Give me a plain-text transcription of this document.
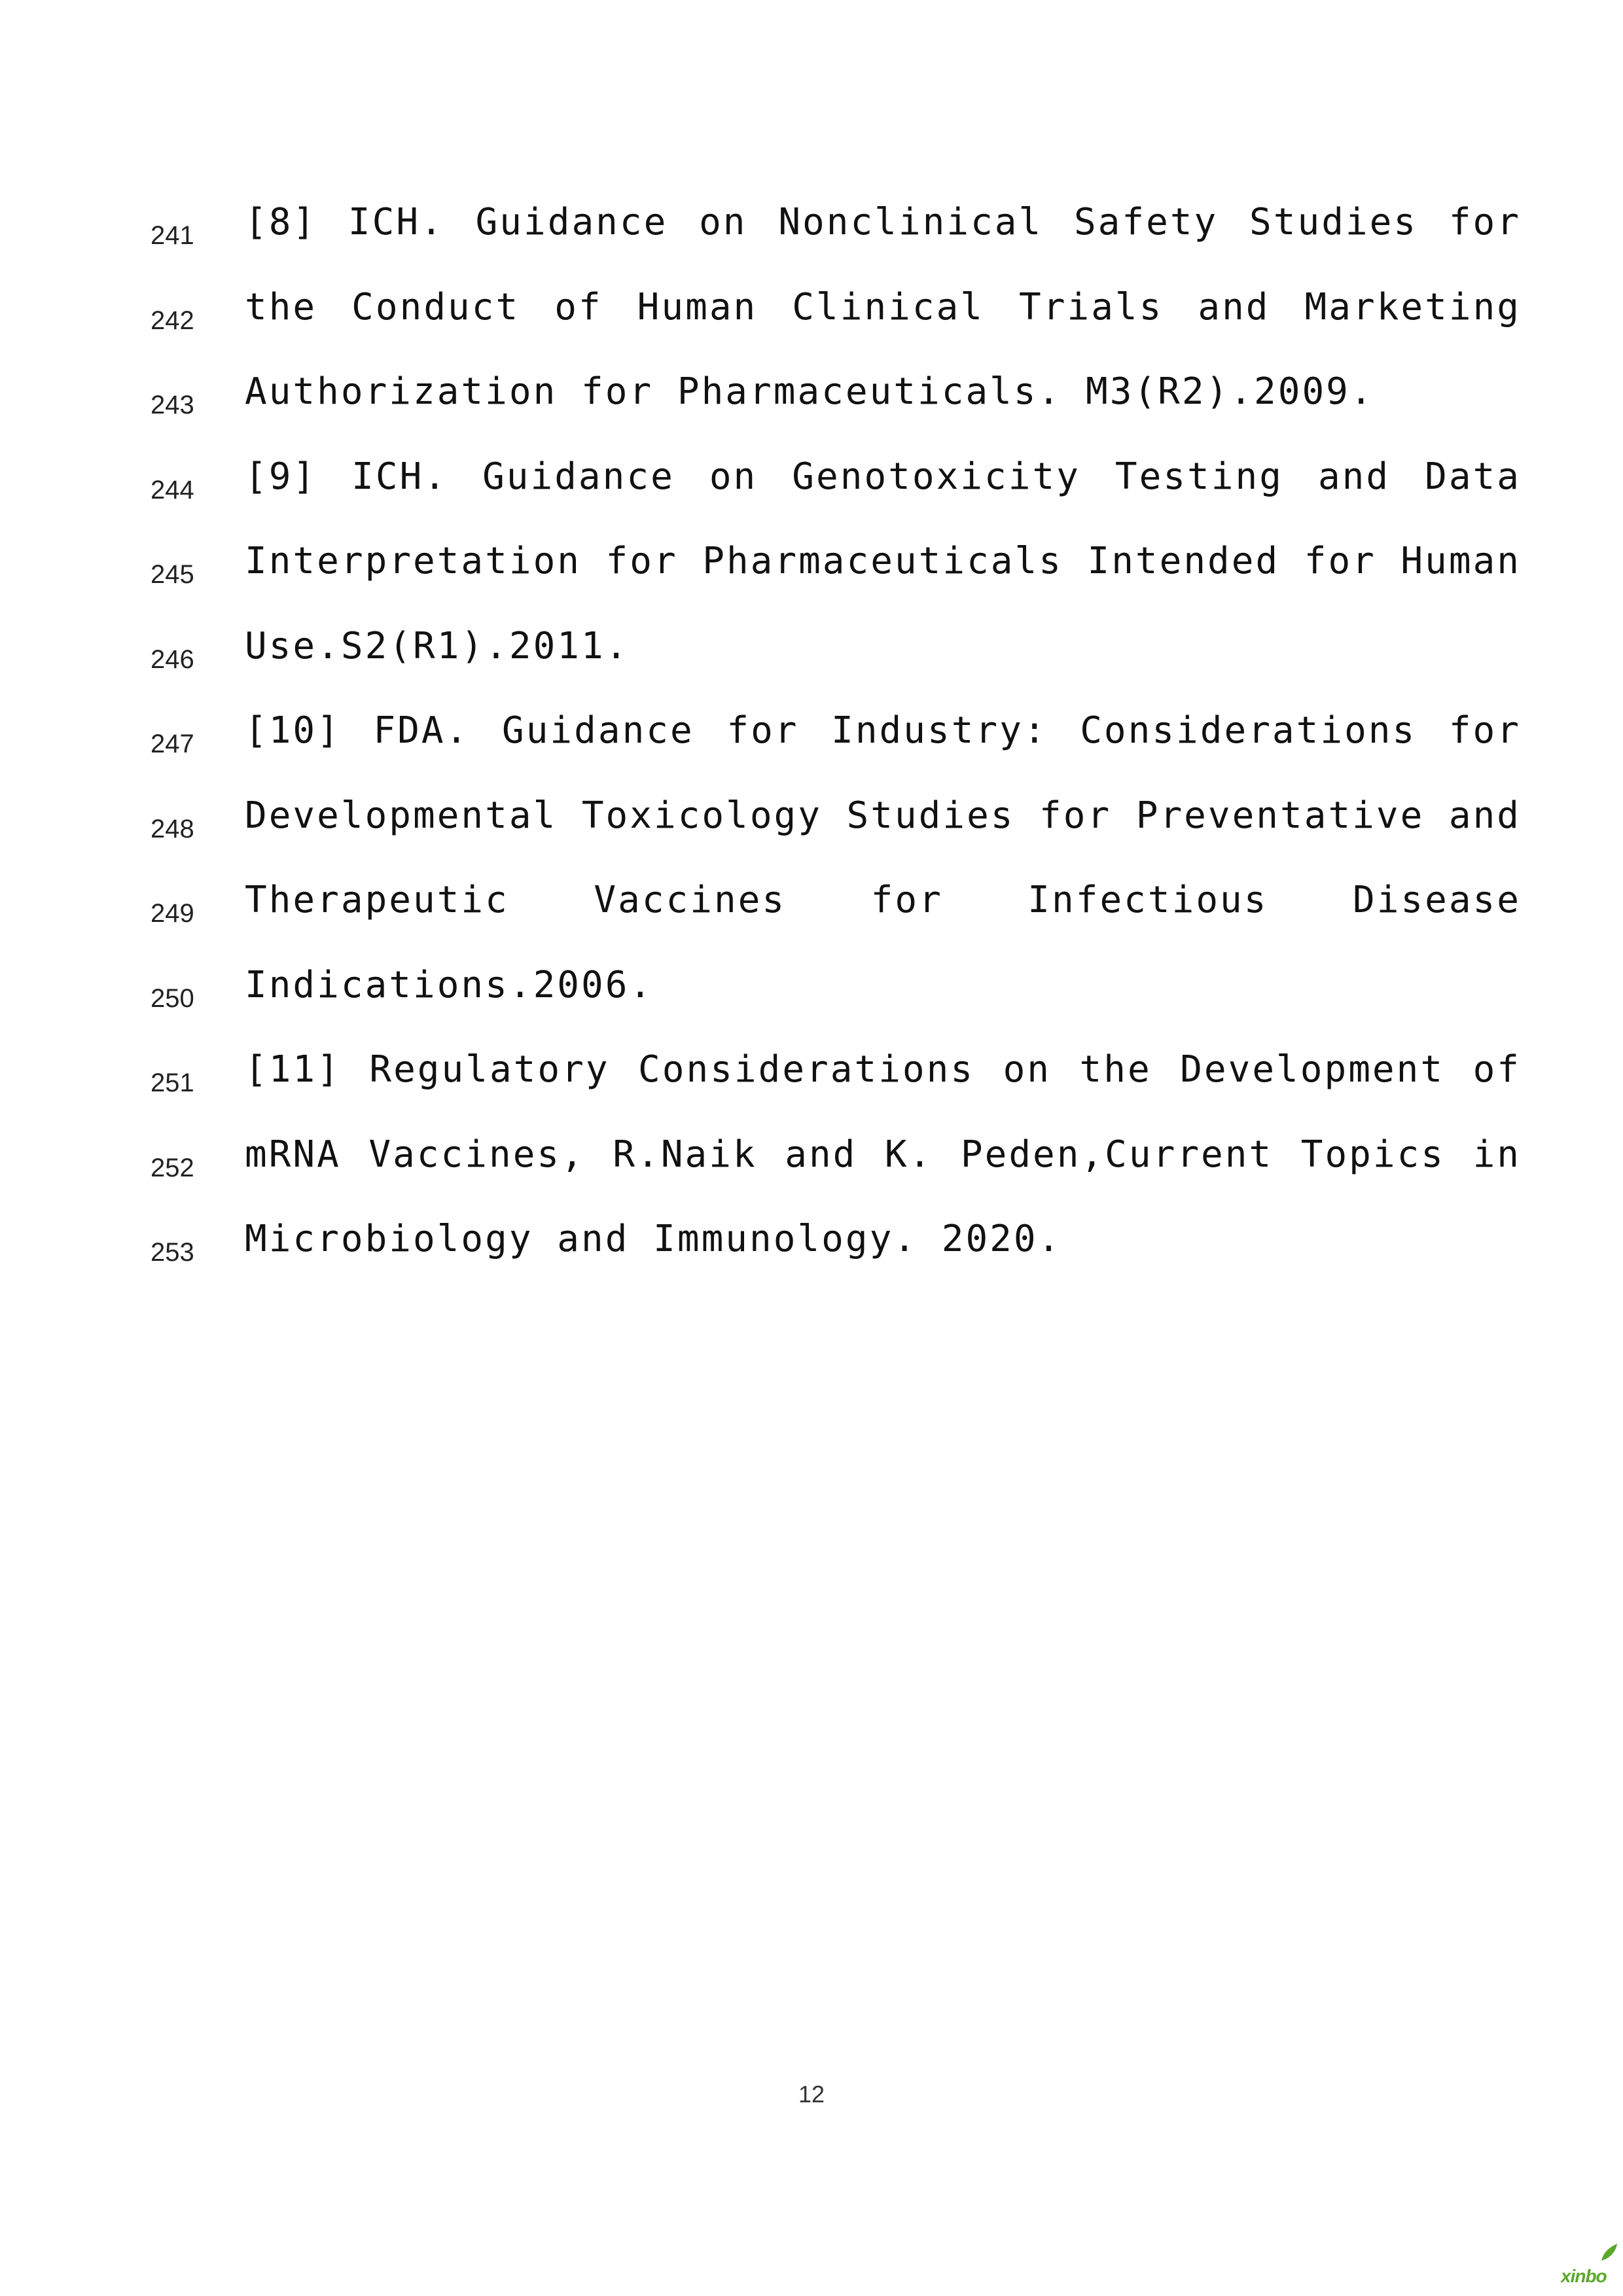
241 [8] ICH. Guidance on Nonclinical Safety Studies for
242 the Conduct of Human Clinical Trials and Marketing
243 Authorization for Pharmaceuticals. M3(R2).2009.
244 [9] ICH. Guidance on Genotoxicity Testing and Data
245 Interpretation for Pharmaceuticals Intended for Human
246 Use.S2(R1).2011.
247 [10] FDA. Guidance for Industry: Considerations for
248 Developmental Toxicology Studies for Preventative and
249 Therapeutic Vaccines for Infectious Disease
250 Indications.2006.
251 [11] Regulatory Considerations on the Development of
252 mRNA Vaccines, R.Naik and K. Peden,Current Topics in
253 Microbiology and Immunology. 2020.
12
xinbo
